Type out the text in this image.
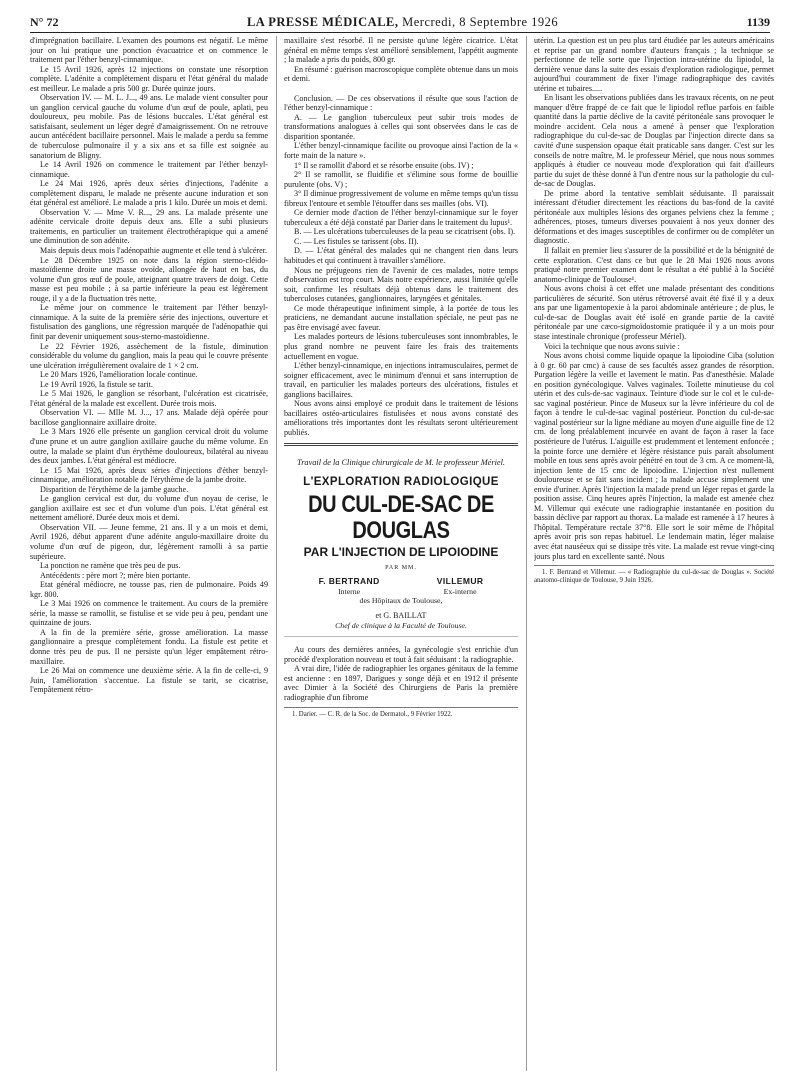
N° 72	LA PRESSE MÉDICALE, Mercredi, 8 Septembre 1926	1139

d'imprégnation bacillaire. L'examen des poumons est négatif. Le même jour on lui pratique une ponction évacuatrice et on commence le traitement par l'éther benzyl-cinnamique.

Le 15 Avril 1926, après 12 injections on constate une résorption complète. L'adénite a complètement disparu et l'état général du malade est meilleur. Le malade a pris 500 gr. Durée quinze jours.

Observation IV. — M. L. J..., 49 ans. Le malade vient consulter pour un ganglion cervical gauche du volume d'un œuf de poule, aplati, peu douloureux, peu mobile. Pas de lésions buccales. L'état général est satisfaisant, seulement un léger degré d'amaigrissement. On ne retrouve aucun antécédent bacillaire personnel. Mais le malade a perdu sa femme de tuberculose pulmonaire il y a six ans et sa fille est soignée au sanatorium de Bligny.

Le 14 Avril 1926 on commence le traitement par l'éther benzyl-cinnamique.

Le 24 Mai 1926, après deux séries d'injections, l'adénite a complètement disparu, le malade ne présente aucune induration et son état général est amélioré. Le malade a pris 1 kilo. Durée un mois et demi.

Observation V. — Mme V. R..., 29 ans. La malade présente une adénite cervicale droite depuis deux ans. Elle a subi plusieurs traitements, en particulier un traitement électrothérapique qui a amené une diminution de son adénite.

Mais depuis deux mois l'adénopathie augmente et elle tend à s'ulcérer.

Le 28 Décembre 1925 on note dans la région sterno-cléido-mastoïdienne droite une masse ovoïde, allongée de haut en bas, du volume d'un gros œuf de poule, atteignant quatre travers de doigt. Cette masse est peu mobile ; à sa partie inférieure la peau est légèrement rouge, il y a de la fluctuation très nette.

Le même jour on commence le traitement par l'éther benzyl-cinnamique. A la suite de la première série des injections, ouverture et fistulisation des ganglions, une régression marquée de l'adénopathie qui finit par devenir uniquement sous-sterno-mastoïdienne.

Le 22 Février 1926, assèchement de la fistule, diminution considérable du volume du ganglion, mais la peau qui le couvre présente une ulcération irrégulièrement ovalaire de 1 × 2 cm.

Le 20 Mars 1926, l'amélioration locale continue.

Le 19 Avril 1926, la fistule se tarit.

Le 5 Mai 1926, le ganglion se résorbant, l'ulcération est cicatrisée, l'état général de la malade est excellent. Durée trois mois.

Observation VI. — Mlle M. J..., 17 ans. Malade déjà opérée pour bacillose ganglionnaire axillaire droite.

Le 3 Mars 1926 elle présente un ganglion cervical droit du volume d'une prune et un autre ganglion axillaire gauche du même volume. En outre, la malade se plaint d'un érythème douloureux, bilatéral au niveau des deux jambes. L'état général est médiocre.

Le 15 Mai 1926, après deux séries d'injections d'éther benzyl-cinnamique, amélioration notable de l'érythème de la jambe droite.

Disparition de l'érythème de la jambe gauche.

Le ganglion cervical est dur, du volume d'un noyau de cerise, le ganglion axillaire est sec et d'un volume d'un pois. L'état général est nettement amélioré. Durée deux mois et demi.

Observation VII. — Jeune femme, 21 ans. Il y a un mois et demi, Avril 1926, début apparent d'une adénite angulo-maxillaire droite du volume d'un œuf de pigeon, dur, légèrement ramolli à sa partie supérieure.

La ponction ne ramène que très peu de pus.

Antécédents : père mort ?; mère bien portante.

Etat général médiocre, ne tousse pas, rien de pulmonaire. Poids 49 kgr. 800.

Le 3 Mai 1926 on commence le traitement. Au cours de la première série, la masse se ramollit, se fistulise et se vide peu à peu, pendant une quinzaine de jours.

A la fin de la première série, grosse amélioration. La masse ganglionnaire a presque complètement fondu. La fistule est petite et donne très peu de pus. Il ne persiste qu'un léger empâtement rétro-maxillaire.

Le 26 Mai on commence une deuxième série. A la fin de celle-ci, 9 Juin, l'amélioration s'accentue. La fistule se tarit, se cicatrise, l'empâtement rétro-

maxillaire s'est résorbé. Il ne persiste qu'une légère cicatrice. L'état général en même temps s'est amélioré sensiblement, l'appétit augmente ; la malade a pris du poids, 800 gr.

En résumé : guérison macroscopique complète obtenue dans un mois et demi.

Conclusion. — De ces observations il résulte que sous l'action de l'éther benzyl-cinnamique :

A. — Le ganglion tuberculeux peut subir trois modes de transformations analogues à celles qui sont observées dans le cas de disparition spontanée.

L'éther benzyl-cinnamique facilite ou provoque ainsi l'action de la « forte main de la nature ».

1° Il se ramollit d'abord et se résorbe ensuite (obs. IV) ;

2° Il se ramollit, se fluidifie et s'élimine sous forme de bouillie purulente (obs. V) ;

3° Il diminue progressivement de volume en même temps qu'un tissu fibreux l'entoure et semble l'étouffer dans ses mailles (obs. VI).

Ce dernier mode d'action de l'éther benzyl-cinnamique sur le foyer tuberculeux a été déjà constaté par Darier dans le traitement du lupus¹.

B. — Les ulcérations tuberculeuses de la peau se cicatrisent (obs. I).

C. — Les fistules se tarissent (obs. II).

D. — L'état général des malades qui ne changent rien dans leurs habitudes et qui continuent à travailler s'améliore.

Nous ne préjugeons rien de l'avenir de ces malades, notre temps d'observation est trop court. Mais notre expérience, aussi limitée qu'elle soit, confirme les résultats déjà obtenus dans le traitement des tuberculoses cutanées, ganglionnaires, laryngées et génitales.

Ce mode thérapeutique infiniment simple, à la portée de tous les praticiens, ne demandant aucune installation spéciale, ne peut pas ne pas être envisagé avec faveur.

Les malades porteurs de lésions tuberculeuses sont innombrables, le plus grand nombre ne peuvent faire les frais des traitements actuellement en vogue.

L'éther benzyl-cinnamique, en injections intramusculaires, permet de soigner efficacement, avec le minimum d'ennui et sans interruption de travail, en particulier les malades porteurs des ulcérations, fistules et ganglions bacillaires.

Nous avons ainsi employé ce produit dans le traitement de lésions bacillaires ostéo-articulaires fistulisées et nous avons constaté des améliorations très importantes dont les résultats seront ultérieurement publiés.

Travail de la Clinique chirurgicale de M. le professeur Mériel.
L'EXPLORATION RADIOLOGIQUE
DU CUL-DE-SAC DE DOUGLAS
PAR L'INJECTION DE LIPOIODINE
PAR MM.
F. BERTRAND
Interne
VILLEMUR
Ex-interne
des Hôpitaux de Toulouse,
et G. BAILLAT
Chef de clinique à la Faculté de Toulouse.

Au cours des dernières années, la gynécologie s'est enrichie d'un procédé d'exploration nouveau et tout à fait séduisant : la radiographie.

A vrai dire, l'idée de radiographier les organes génitaux de la femme est ancienne : en 1897, Darigues y songe déjà et en 1912 il présente avec Dimier à la Société des Chirurgiens de Paris la première radiographie d'un fibrome

1. Darier. — C. R. de la Soc. de Dermatol., 9 Février 1922.

utérin. La question est un peu plus tard étudiée par les auteurs américains et reprise par un grand nombre d'auteurs français ; la technique se perfectionne de telle sorte que l'injection intra-utérine du lipiodol, la dernière venue dans la suite des essais d'exploration radiologique, permet aujourd'hui couramment de fixer l'image radiographique des cavités utérine et tubaires.....

En lisant les observations publiées dans les travaux récents, on ne peut manquer d'être frappé de ce fait que le lipiodol reflue parfois en faible quantité dans la partie déclive de la cavité péritonéale sans provoquer le moindre accident. Cela nous a amené à penser que l'exploration radiographique du cul-de-sac de Douglas par l'injection directe dans sa cavité d'une suspension opaque était praticable sans danger. C'est sur les conseils de notre maître, M. le professeur Mériel, que nous nous sommes appliqués à étudier ce nouveau mode d'exploration qui fait d'ailleurs partie du sujet de thèse donné à l'un d'entre nous sur la pathologie du cul-de-sac de Douglas.

De prime abord la tentative semblait séduisante. Il paraissait intéressant d'étudier directement les réactions du bas-fond de la cavité péritonéale aux multiples lésions des organes pelviens chez la femme ; adhérences, ptoses, tumeurs diverses pouvaient à nos yeux donner des déformations et des images susceptibles de confirmer ou de compléter un diagnostic.

Il fallait en premier lieu s'assurer de la possibilité et de la bénignité de cette exploration. C'est dans ce but que le 28 Mai 1926 nous avons pratiqué notre premier examen dont le résultat a été publié à la Société anatomo-clinique de Toulouse¹.

Nous avons choisi à cet effet une malade présentant des conditions particulières de sécurité. Son utérus rétroversé avait été fixé il y a deux ans par une ligamentopexie à la paroi abdominale antérieure ; de plus, le cul-de-sac de Douglas avait été isolé en grande partie de la cavité péritonéale par une cæco-sigmoïdostomie pratiquée il y a un mois pour stase intestinale chronique (professeur Mériel).

Voici la technique que nous avons suivie :

Nous avons choisi comme liquide opaque la lipoiodine Ciba (solution à 0 gr. 60 par cmc) à cause de ses facultés assez grandes de résorption. Purgation légère la veille et lavement le matin. Pas d'anesthésie. Malade en position gynécologique. Valves vaginales. Toilette minutieuse du col utérin et des culs-de-sac vaginaux. Teinture d'iode sur le col et le cul-de-sac vaginal postérieur. Pince de Museux sur la lèvre inférieure du col de façon à tendre le cul-de-sac vaginal postérieur. Ponction du cul-de-sac vaginal postérieur sur la ligne médiane au moyen d'une aiguille fine de 12 cm. de long préalablement incurvée en avant de façon à raser la face postérieure de l'utérus. L'aiguille est prudemment et lentement enfoncée ; la pointe force une dernière et légère résistance puis paraît absolument mobile en tous sens après avoir pénétré en tout de 3 cm. A ce moment-là, injection lente de 15 cmc de lipoiodine. L'injection n'est nullement douloureuse et se fait sans incident ; la malade accuse simplement une envie d'uriner. Après l'injection la malade prend un léger repas et garde la position assise. Cinq heures après l'injection, la malade est amenée chez M. Villemur qui exécute une radiographie instantanée en position du bassin déclive par rapport au thorax. La malade est ramenée à 17 heures à l'hôpital. Température rectale 37°8. Elle sort le soir même de l'hôpital après avoir pris son repas habituel. Le lendemain matin, léger malaise avec état nauséeux qui se dissipe très vite. La malade est revue vingt-cinq jours plus tard en excellente santé. Nous

1. F. Bertrand et Villemur. — « Radiographie du cul-de-sac de Douglas ». Société anatomo-clinique de Toulouse, 9 Juin 1926.
